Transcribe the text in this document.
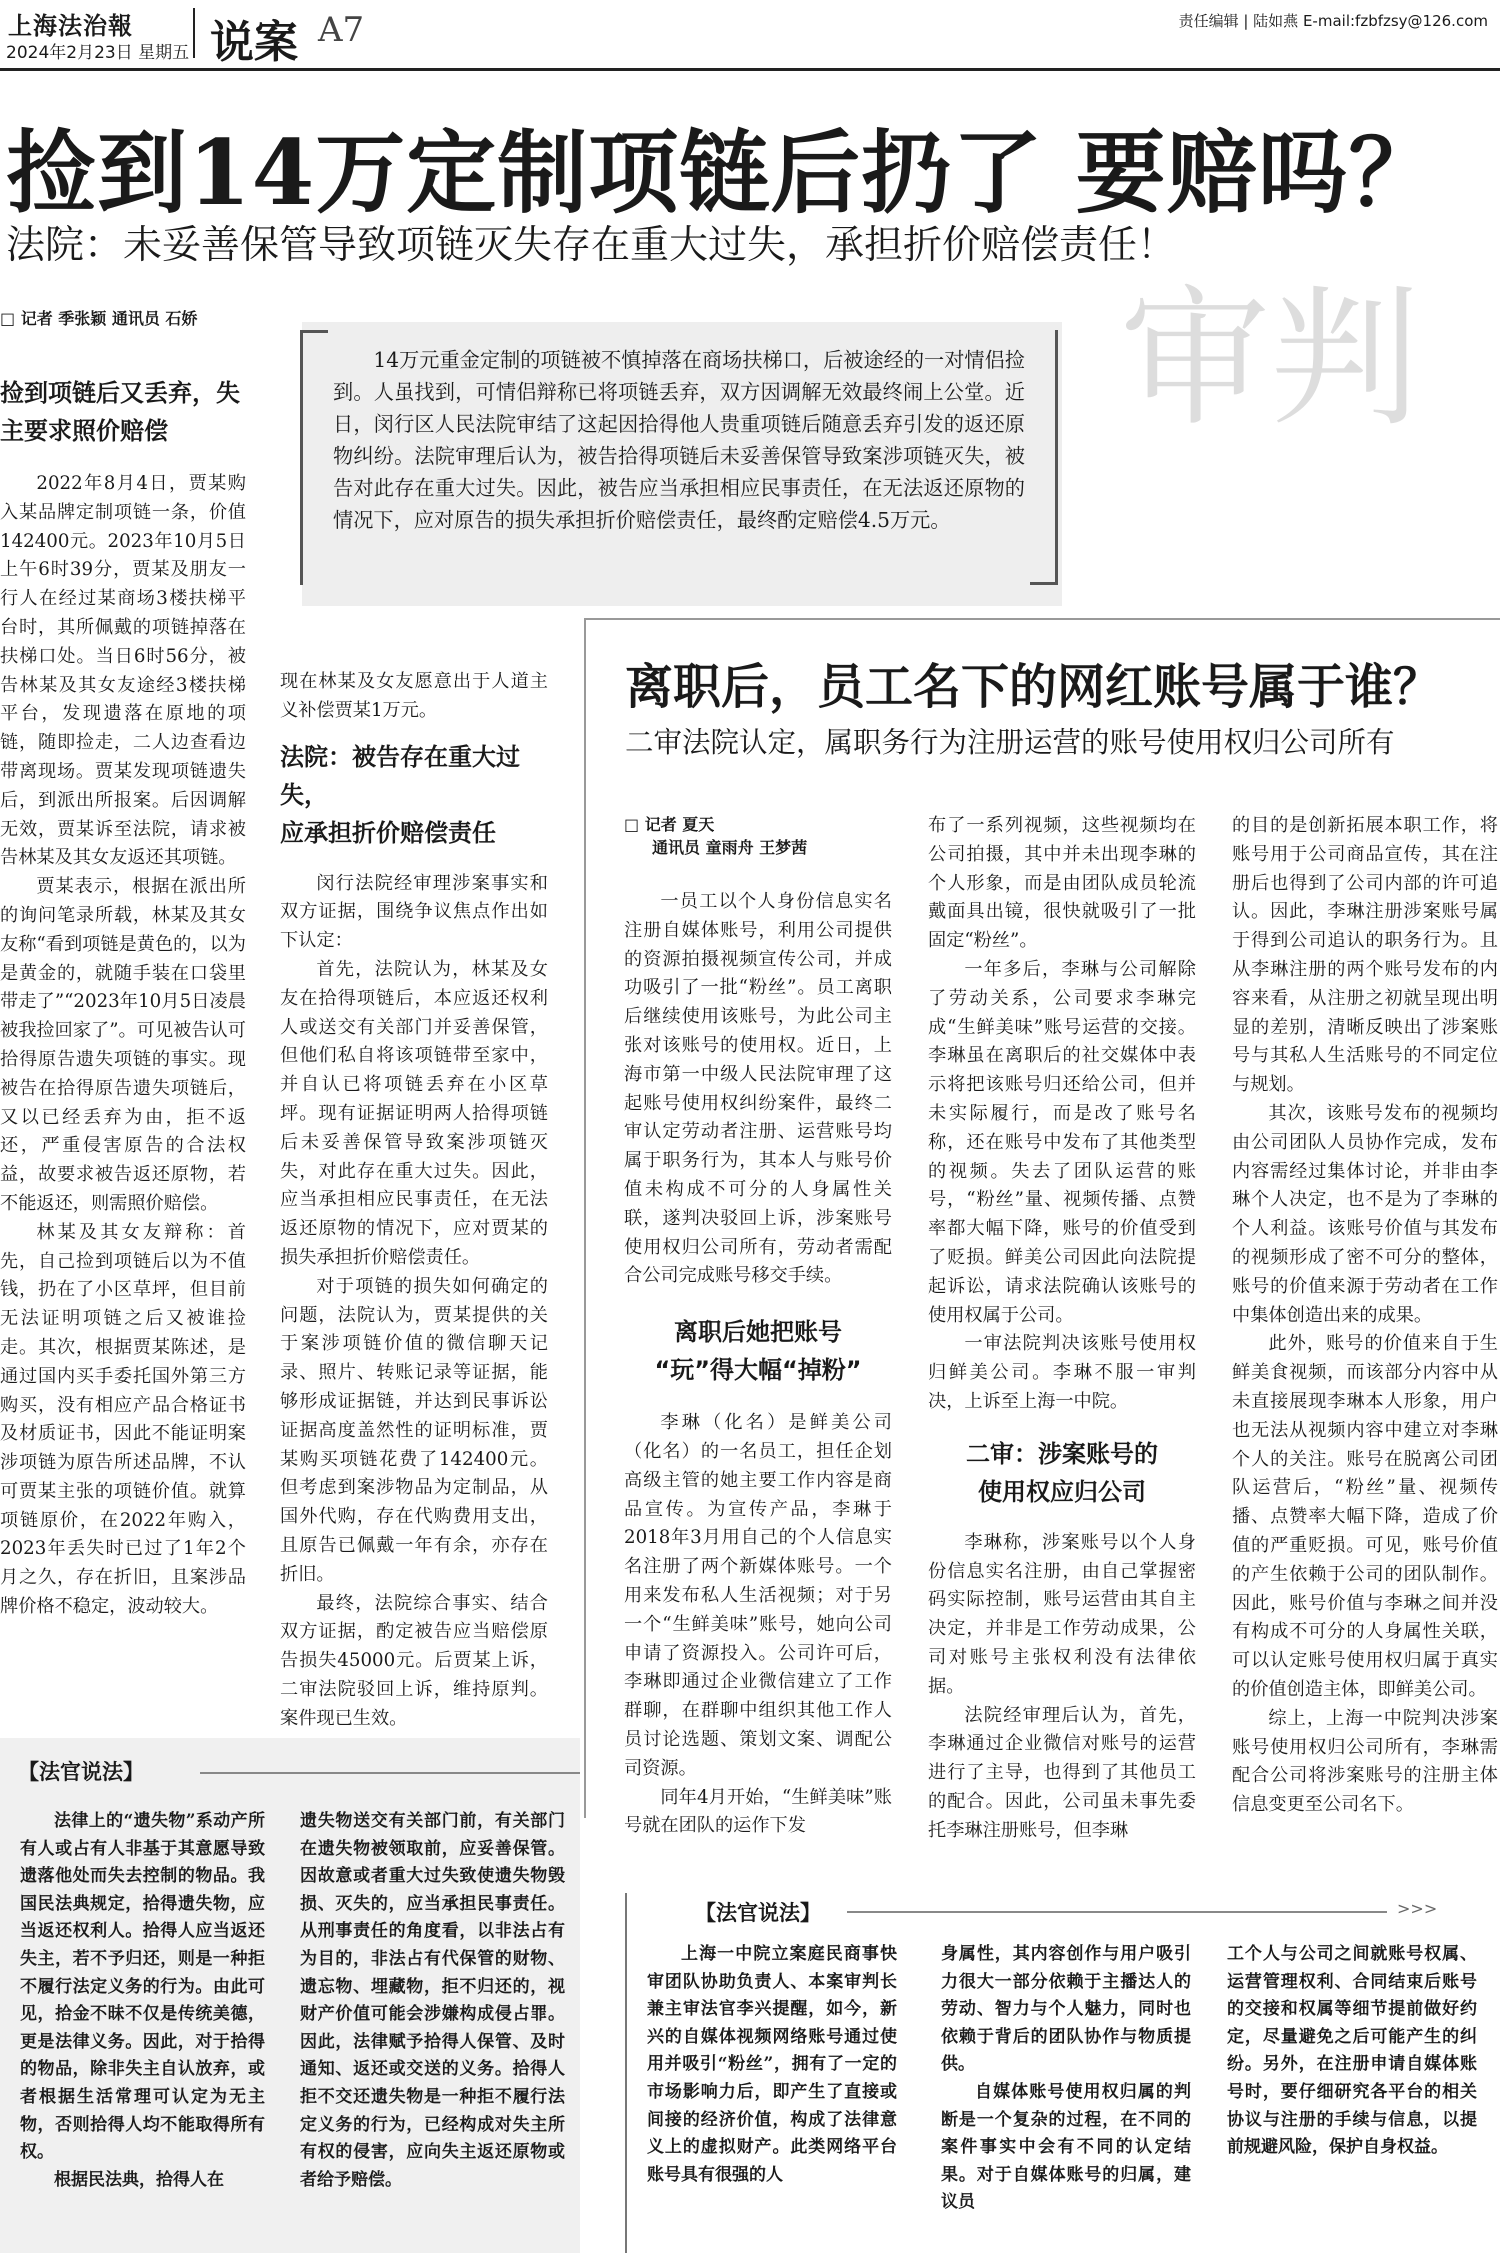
上海法治報
2024年2月23日 星期五 说案 A7	责任编辑 | 陆如燕 E-mail:fzbfzsy@126.com
捡到14万定制项链后扔了 要赔吗？
法院：未妥善保管导致项链灭失存在重大过失，承担折价赔偿责任！
□ 记者 季张颖 通讯员 石娇	审判

14万元重金定制的项链被不慎掉落在商场扶梯口，后被途经的一对情侣捡到。人虽找到，可情侣辩称已将项链丢弃，双方因调解无效最终闹上公堂。近日，闵行区人民法院审结了这起因拾得他人贵重项链后随意丢弃引发的返还原物纠纷。法院审理后认为，被告拾得项链后未妥善保管导致案涉项链灭失，被告对此存在重大过失。因此，被告应当承担相应民事责任，在无法返还原物的情况下，应对原告的损失承担折价赔偿责任，最终酌定赔偿4.5万元。

捡到项链后又丢弃，失

主要求照价赔偿

2022年8月4日，贾某购入某品牌定制项链一条，价值142400元。2023年10月5日上午6时39分，贾某及朋友一行人在经过某商场3楼扶梯平台时，其所佩戴的项链掉落在扶梯口处。当日6时56分，被告林某及其女友途经3楼扶梯平台，发现遗落在原地的项链，随即捡走，二人边查看边带离现场。贾某发现项链遗失后，到派出所报案。后因调解无效，贾某诉至法院，请求被告林某及其女友返还其项链。

贾某表示，根据在派出所的询问笔录所载，林某及其女友称“看到项链是黄色的，以为是黄金的，就随手装在口袋里带走了”“2023年10月5日凌晨被我捡回家了”。可见被告认可拾得原告遗失项链的事实。现被告在拾得原告遗失项链后，又以已经丢弃为由，拒不返还，严重侵害原告的合法权益，故要求被告返还原物，若不能返还，则需照价赔偿。

林某及其女友辩称：首先，自己捡到项链后以为不值钱，扔在了小区草坪，但目前无法证明项链之后又被谁捡走。其次，根据贾某陈述，是通过国内买手委托国外第三方购买，没有相应产品合格证书及材质证书，因此不能证明案涉项链为原告所述品牌，不认可贾某主张的项链价值。就算项链原价，在2022年购入，2023年丢失时已过了1年2个月之久，存在折旧，且案涉品牌价格不稳定，波动较大。

现在林某及女友愿意出于人道主义补偿贾某1万元。

法院：被告存在重大过失，

应承担折价赔偿责任

闵行法院经审理涉案事实和双方证据，围绕争议焦点作出如下认定：

首先，法院认为，林某及女友在拾得项链后，本应返还权利人或送交有关部门并妥善保管，但他们私自将该项链带至家中，并自认已将项链丢弃在小区草坪。现有证据证明两人拾得项链后未妥善保管导致案涉项链灭失，对此存在重大过失。因此，应当承担相应民事责任，在无法返还原物的情况下，应对贾某的损失承担折价赔偿责任。

对于项链的损失如何确定的问题，法院认为，贾某提供的关于案涉项链价值的微信聊天记录、照片、转账记录等证据，能够形成证据链，并达到民事诉讼证据高度盖然性的证明标准，贾某购买项链花费了142400元。但考虑到案涉物品为定制品，从国外代购，存在代购费用支出，且原告已佩戴一年有余，亦存在折旧。

最终，法院综合事实、结合双方证据，酌定被告应当赔偿原告损失45000元。后贾某上诉，二审法院驳回上诉，维持原判。案件现已生效。

【法官说法】

法律上的“遗失物”系动产所有人或占有人非基于其意愿导致遗落他处而失去控制的物品。我国民法典规定，拾得遗失物，应当返还权利人。拾得人应当返还失主，若不予归还，则是一种拒不履行法定义务的行为。由此可见，拾金不昧不仅是传统美德，更是法律义务。因此，对于拾得的物品，除非失主自认放弃，或者根据生活常理可认定为无主物，否则拾得人均不能取得所有权。

根据民法典，拾得人在

遗失物送交有关部门前，有关部门在遗失物被领取前，应妥善保管。因故意或者重大过失致使遗失物毁损、灭失的，应当承担民事责任。从刑事责任的角度看，以非法占有为目的，非法占有代保管的财物、遗忘物、埋藏物，拒不归还的，视财产价值可能会涉嫌构成侵占罪。因此，法律赋予拾得人保管、及时通知、返还或交送的义务。拾得人拒不交还遗失物是一种拒不履行法定义务的行为，已经构成对失主所有权的侵害，应向失主返还原物或者给予赔偿。

离职后，员工名下的网红账号属于谁？
二审法院认定，属职务行为注册运营的账号使用权归公司所有
□ 记者 夏天
通讯员 童雨舟 王梦茜

一员工以个人身份信息实名注册自媒体账号，利用公司提供的资源拍摄视频宣传公司，并成功吸引了一批“粉丝”。员工离职后继续使用该账号，为此公司主张对该账号的使用权。近日，上海市第一中级人民法院审理了这起账号使用权纠纷案件，最终二审认定劳动者注册、运营账号均属于职务行为，其本人与账号价值未构成不可分的人身属性关联，遂判决驳回上诉，涉案账号使用权归公司所有，劳动者需配合公司完成账号移交手续。

离职后她把账号

“玩”得大幅“掉粉”

李琳（化名）是鲜美公司（化名）的一名员工，担任企划高级主管的她主要工作内容是商品宣传。为宣传产品，李琳于2018年3月用自己的个人信息实名注册了两个新媒体账号。一个用来发布私人生活视频；对于另一个“生鲜美味”账号，她向公司申请了资源投入。公司许可后，李琳即通过企业微信建立了工作群聊，在群聊中组织其他工作人员讨论选题、策划文案、调配公司资源。

同年4月开始，“生鲜美味”账号就在团队的运作下发

布了一系列视频，这些视频均在公司拍摄，其中并未出现李琳的个人形象，而是由团队成员轮流戴面具出镜，很快就吸引了一批固定“粉丝”。

一年多后，李琳与公司解除了劳动关系，公司要求李琳完成“生鲜美味”账号运营的交接。李琳虽在离职后的社交媒体中表示将把该账号归还给公司，但并未实际履行，而是改了账号名称，还在账号中发布了其他类型的视频。失去了团队运营的账号，“粉丝”量、视频传播、点赞率都大幅下降，账号的价值受到了贬损。鲜美公司因此向法院提起诉讼，请求法院确认该账号的使用权属于公司。

一审法院判决该账号使用权归鲜美公司。李琳不服一审判决，上诉至上海一中院。

二审：涉案账号的

使用权应归公司

李琳称，涉案账号以个人身份信息实名注册，由自己掌握密码实际控制，账号运营由其自主决定，并非是工作劳动成果，公司对账号主张权利没有法律依据。

法院经审理后认为，首先，李琳通过企业微信对账号的运营进行了主导，也得到了其他员工的配合。因此，公司虽未事先委托李琳注册账号，但李琳

的目的是创新拓展本职工作，将账号用于公司商品宣传，其在注册后也得到了公司内部的许可追认。因此，李琳注册涉案账号属于得到公司追认的职务行为。且从李琳注册的两个账号发布的内容来看，从注册之初就呈现出明显的差别，清晰反映出了涉案账号与其私人生活账号的不同定位与规划。

其次，该账号发布的视频均由公司团队人员协作完成，发布内容需经过集体讨论，并非由李琳个人决定，也不是为了李琳的个人利益。该账号价值与其发布的视频形成了密不可分的整体，账号的价值来源于劳动者在工作中集体创造出来的成果。

此外，账号的价值来自于生鲜美食视频，而该部分内容中从未直接展现李琳本人形象，用户也无法从视频内容中建立对李琳个人的关注。账号在脱离公司团队运营后，“粉丝”量、视频传播、点赞率大幅下降，造成了价值的严重贬损。可见，账号价值的产生依赖于公司的团队制作。因此，账号价值与李琳之间并没有构成不可分的人身属性关联，可以认定账号使用权归属于真实的价值创造主体，即鲜美公司。

综上，上海一中院判决涉案账号使用权归公司所有，李琳需配合公司将涉案账号的注册主体信息变更至公司名下。

【法官说法】	>>>

上海一中院立案庭民商事快审团队协助负责人、本案审判长兼主审法官李兴提醒，如今，新兴的自媒体视频网络账号通过使用并吸引“粉丝”，拥有了一定的市场影响力后，即产生了直接或间接的经济价值，构成了法律意义上的虚拟财产。此类网络平台账号具有很强的人

身属性，其内容创作与用户吸引力很大一部分依赖于主播达人的劳动、智力与个人魅力，同时也依赖于背后的团队协作与物质提供。

自媒体账号使用权归属的判断是一个复杂的过程，在不同的案件事实中会有不同的认定结果。对于自媒体账号的归属，建议员

工个人与公司之间就账号权属、运营管理权利、合同结束后账号的交接和权属等细节提前做好约定，尽量避免之后可能产生的纠纷。另外，在注册申请自媒体账号时，要仔细研究各平台的相关协议与注册的手续与信息，以提前规避风险，保护自身权益。
